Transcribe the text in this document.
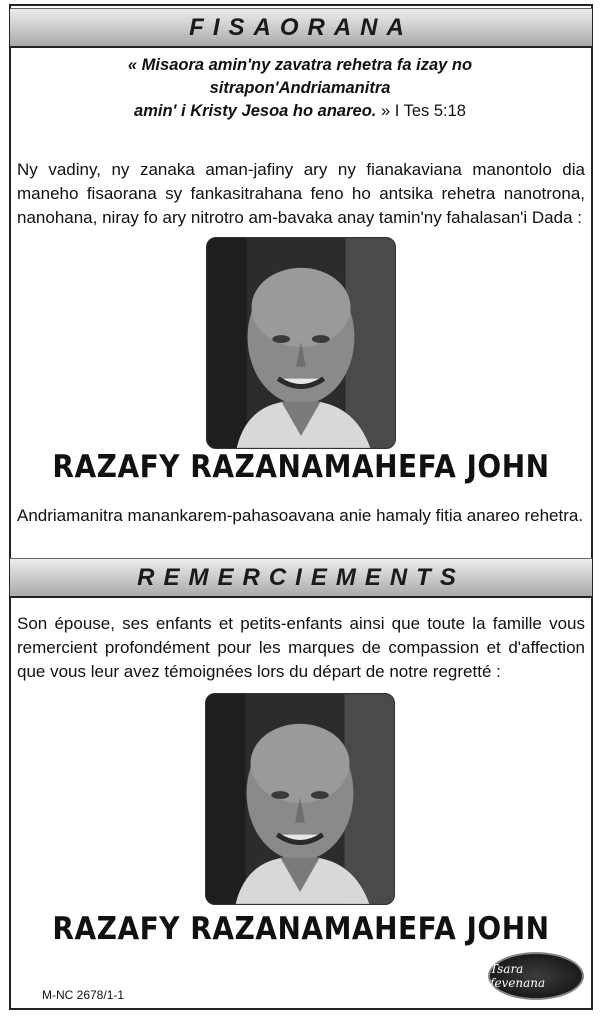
FISAORANA
« Misaora amin'ny zavatra rehetra fa izay no
sitrapon'Andriamanitra
amin' i Kristy Jesoa ho anareo. » I Tes 5:18
Ny vadiny, ny zanaka aman-jafiny ary ny fianakaviana manontolo dia maneho fisaorana sy fankasitrahana feno ho antsika rehetra nanotrona, nanohana, niray fo ary nitrotro am-bavaka anay tamin'ny fahalasan'i Dada :
RAZAFY RAZANAMAHEFA JOHN
Andriamanitra manankarem-pahasoavana anie hamaly fitia anareo rehetra.
REMERCIEMENTS
Son épouse, ses enfants et petits-enfants ainsi que toute la famille vous remercient profondément pour les marques de compassion et d'affection que vous leur avez témoignées lors du départ de notre regretté :
RAZAFY RAZANAMAHEFA JOHN
M-NC 2678/1-1
Tsara fevenana
